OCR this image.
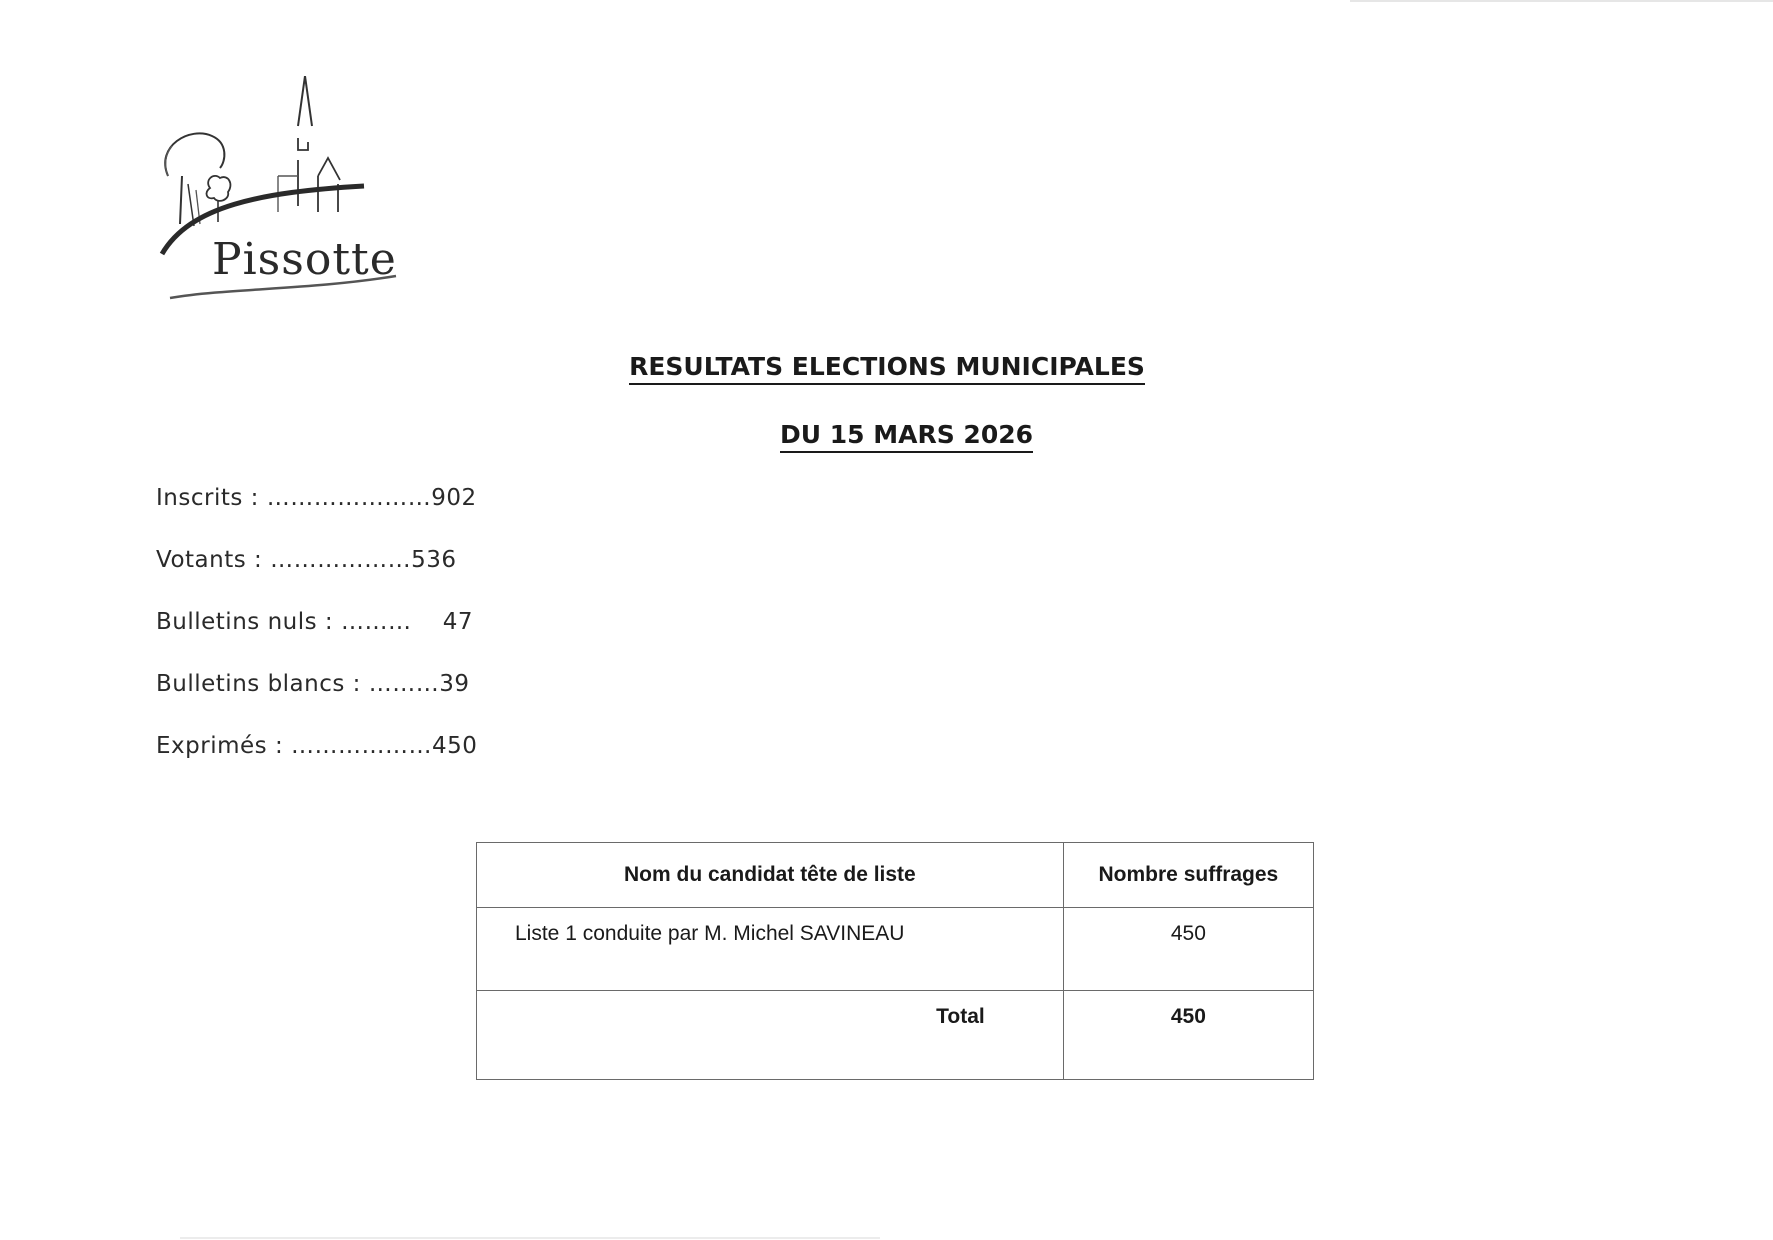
Pissotte
RESULTATS ELECTIONS MUNICIPALES
DU 15 MARS 2026
Inscrits : …………………902
Votants : ………………536
Bulletins nuls : ……… 47
Bulletins blancs : ………39
Exprimés : ………………450
Nom du candidat tête de liste	Nombre suffrages
Liste 1 conduite par M. Michel SAVINEAU	450
Total	450
